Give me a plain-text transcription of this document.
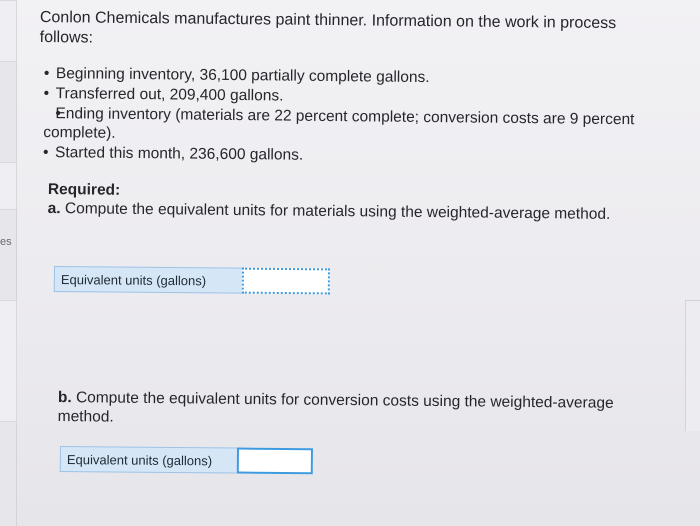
es
Conlon Chemicals manufactures paint thinner. Information on the work in process follows:
• Beginning inventory, 36,100 partially complete gallons.
• Transferred out, 209,400 gallons.
• Ending inventory (materials are 22 percent complete; conversion costs are 9 percent complete).
• Started this month, 236,600 gallons.
Required:
a. Compute the equivalent units for materials using the weighted-average method.
Equivalent units (gallons)
b. Compute the equivalent units for conversion costs using the weighted-average method.
Equivalent units (gallons)
